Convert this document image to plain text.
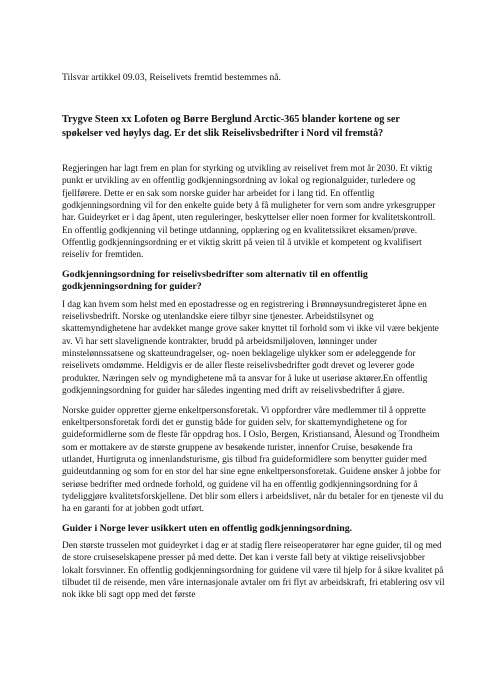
Tilsvar artikkel 09.03, Reiselivets fremtid bestemmes nå.

Trygve Steen xx Lofoten og Børre Berglund Arctic-365 blander kortene og ser spøkelser ved høylys dag. Er det slik Reiselivsbedrifter i Nord vil fremstå?

Regjeringen har lagt frem en plan for styrking og utvikling av reiselivet frem mot år 2030. Et viktig punkt er utvikling av en offentlig godkjenningsordning av lokal og regionalguider, turledere og fjellførere. Dette er en sak som norske guider har arbeidet for i lang tid. En offentlig godkjenningsordning vil for den enkelte guide bety å få muligheter for vern som andre yrkesgrupper har. Guideyrket er i dag åpent, uten reguleringer, beskyttelser eller noen former for kvalitetskontroll. En offentlig godkjenning vil betinge utdanning, opplæring og en kvalitetssikret eksamen/prøve. Offentlig godkjenningsordning er et viktig skritt på veien til å utvikle et kompetent og kvalifisert reiseliv for fremtiden.

Godkjenningsordning for reiselivsbedrifter som alternativ til en offentlig godkjenningsordning for guider?

I dag kan hvem som helst med en epostadresse og en registrering i Brønnøysundregisteret åpne en reiselivsbedrift. Norske og utenlandske eiere tilbyr sine tjenester. Arbeidstilsynet og skattemyndighetene har avdekket mange grove saker knyttet til forhold som vi ikke vil være bekjente av. Vi har sett slavelignende kontrakter, brudd på arbeidsmiljøloven, lønninger under minstelønnssatsene og skatteundragelser, og- noen beklagelige ulykker som er ødeleggende for reiselivets omdømme. Heldigvis er de aller fleste reiselivsbedrifter godt drevet og leverer gode produkter. Næringen selv og myndighetene må ta ansvar for å luke ut useriøse aktører.En offentlig godkjenningsordning for guider har således ingenting med drift av reiselivsbedrifter å gjøre.

Norske guider oppretter gjerne enkeltpersonsforetak. Vi oppfordrer våre medlemmer til å opprette enkeltpersonsforetak fordi det er gunstig både for guiden selv, for skattemyndighetene og for guideformidlerne som de fleste får oppdrag hos. I Oslo, Bergen, Kristiansand, Ålesund og Trondheim som er mottakere av de største gruppene av besøkende turister, innenfor Cruise, besøkende fra utlandet, Hurtigruta og innenlandsturisme, gis tilbud fra guideformidlere som benytter guider med guideutdanning og som for en stor del har sine egne enkeltpersonsforetak. Guidene ønsker å jobbe for seriøse bedrifter med ordnede forhold, og guidene vil ha en offentlig godkjenningsordning for å tydeliggjøre kvalitetsforskjellene. Det blir som ellers i arbeidslivet, når du betaler for en tjeneste vil du ha en garanti for at jobben godt utført.

Guider i Norge lever usikkert uten en offentlig godkjenningsordning.

Den største trusselen mot guideyrket i dag er at stadig flere reiseoperatører har egne guider, til og med de store cruiseselskapene presser på med dette. Det kan i verste fall bety at viktige reiselivsjobber lokalt forsvinner. En offentlig godkjenningsordning for guidene vil være til hjelp for å sikre kvalitet på tilbudet til de reisende, men våre internasjonale avtaler om fri flyt av arbeidskraft, fri etablering osv vil nok ikke bli sagt opp med det første
